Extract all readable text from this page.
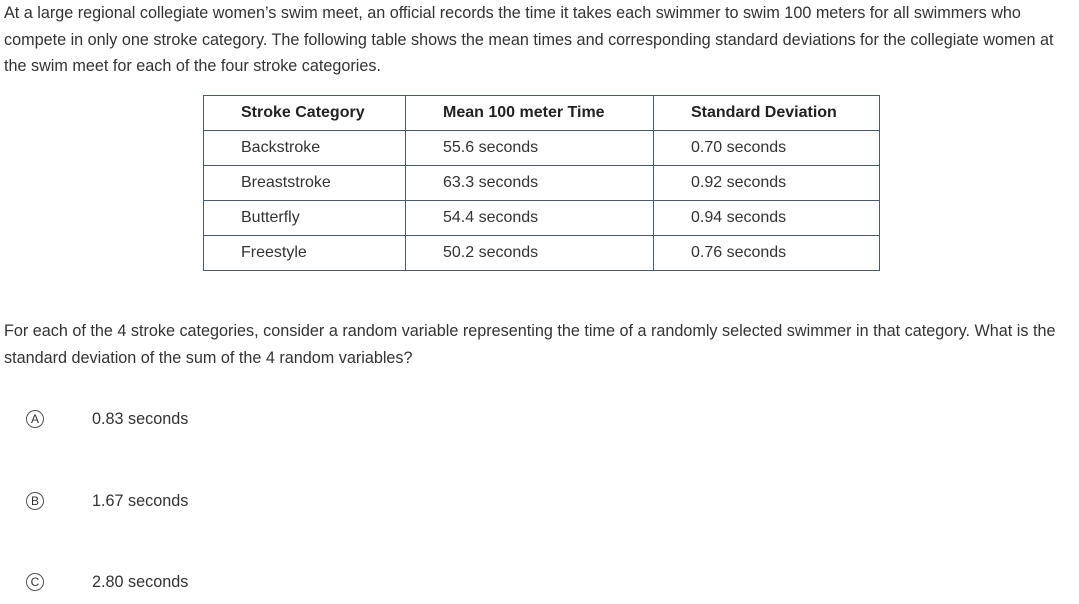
At a large regional collegiate women’s swim meet, an official records the time it takes each swimmer to swim 100 meters for all swimmers who compete in only one stroke category. The following table shows the mean times and corresponding standard deviations for the collegiate women at the swim meet for each of the four stroke categories.

Stroke Category	Mean 100 meter Time	Standard Deviation
Backstroke	55.6 seconds	0.70 seconds
Breaststroke	63.3 seconds	0.92 seconds
Butterfly	54.4 seconds	0.94 seconds
Freestyle	50.2 seconds	0.76 seconds

For each of the 4 stroke categories, consider a random variable representing the time of a randomly selected swimmer in that category. What is the standard deviation of the sum of the 4 random variables?

A	0.83 seconds
B	1.67 seconds
C	2.80 seconds
